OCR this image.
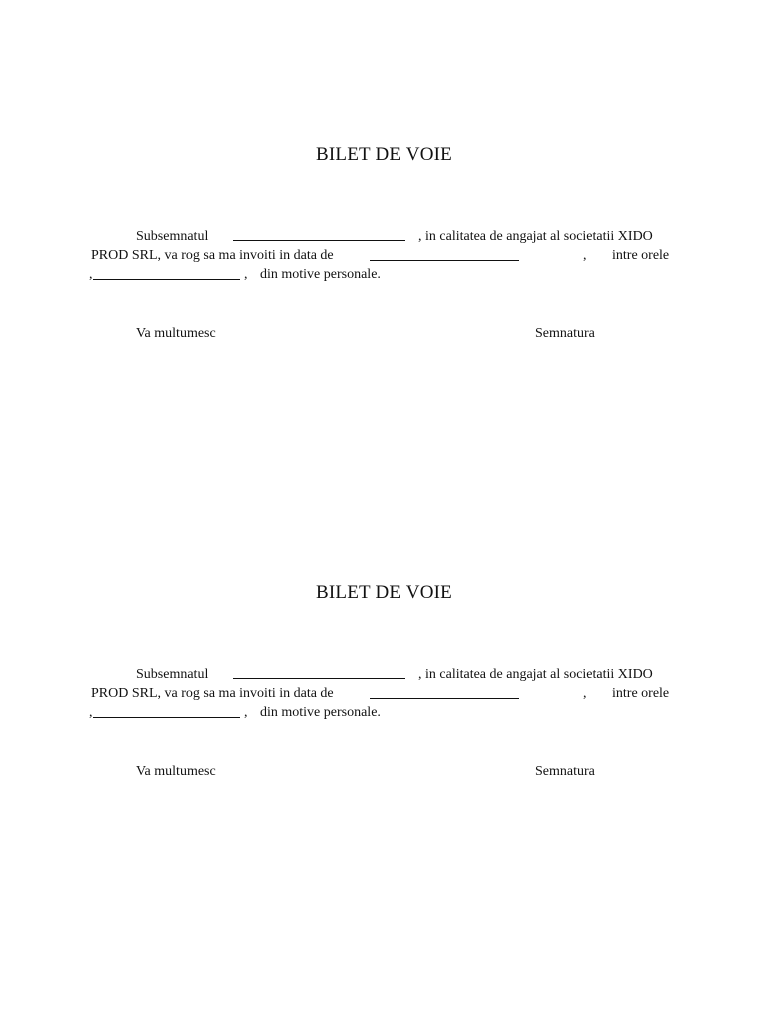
BILET DE VOIE
Subsemnatul	, in calitatea de angajat al societatii XIDO
PROD SRL, va rog sa ma invoiti in data de	, intre orele
,	, din motive personale.
Va multumesc	Semnatura
BILET DE VOIE
Subsemnatul	, in calitatea de angajat al societatii XIDO
PROD SRL, va rog sa ma invoiti in data de	, intre orele
,	, din motive personale.
Va multumesc	Semnatura
